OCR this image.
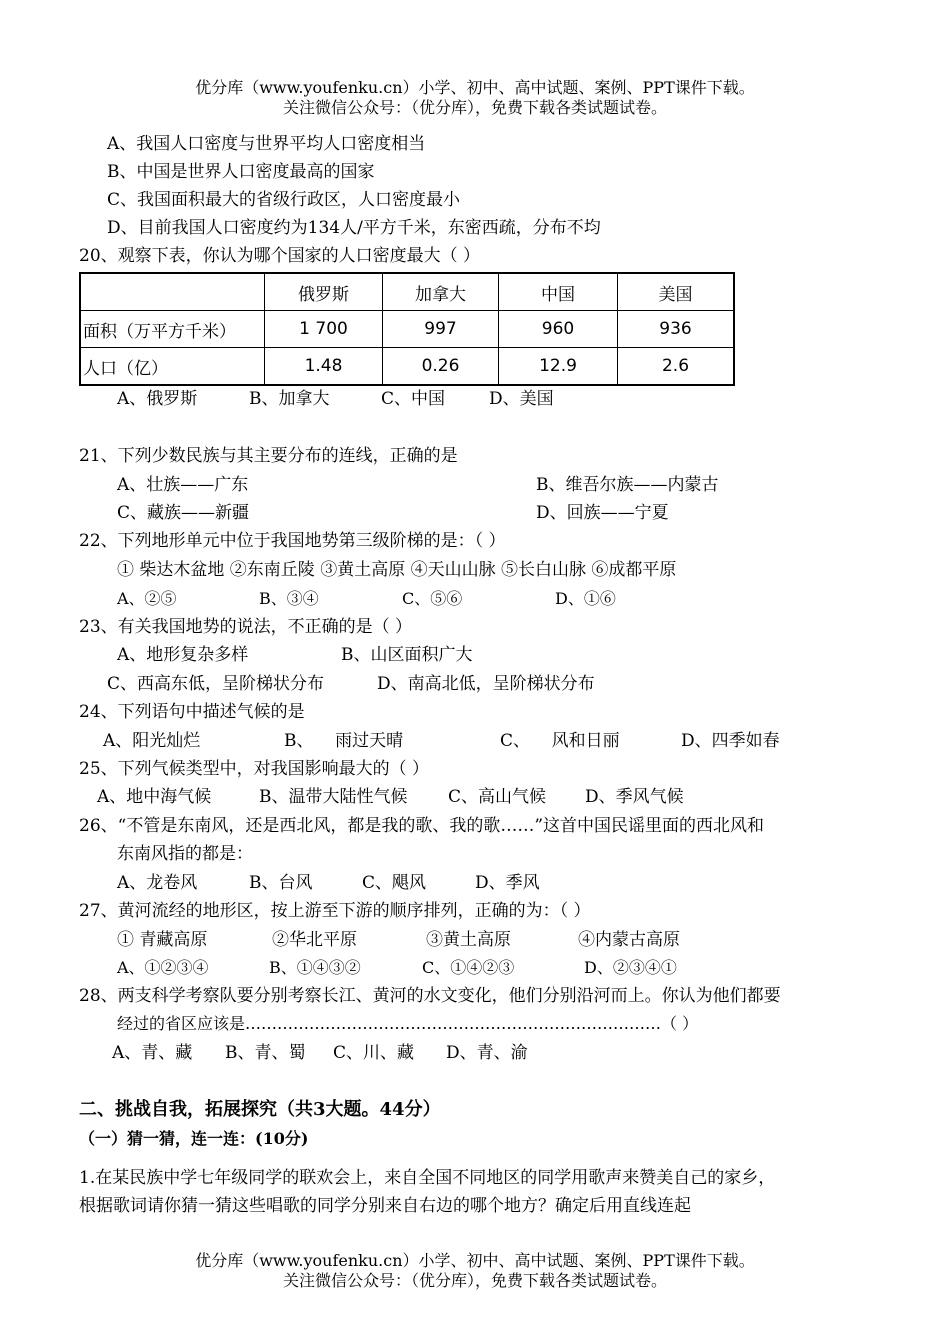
优分库（www.youfenku.cn）小学、初中、高中试题、案例、PPT课件下载。
关注微信公众号：（优分库），免费下载各类试题试卷。
A、我国人口密度与世界平均人口密度相当
B、中国是世界人口密度最高的国家
C、我国面积最大的省级行政区，人口密度最小
D、目前我国人口密度约为134人/平方千米，东密西疏，分布不均
20、观察下表，你认为哪个国家的人口密度最大（ ）
	俄罗斯	加拿大	中国	美国
面积（万平方千米）	1 700	997	960	936
人口（亿）	1.48	0.26	12.9	2.6
A、俄罗斯	B、加拿大	C、中国	D、美国
21、下列少数民族与其主要分布的连线，正确的是
A、壮族——广东	B、维吾尔族——内蒙古
C、藏族——新疆	D、回族——宁夏
22、下列地形单元中位于我国地势第三级阶梯的是：（ ）
① 柴达木盆地 ②东南丘陵 ③黄土高原 ④天山山脉 ⑤长白山脉 ⑥成都平原
A、②⑤	B、③④	C、⑤⑥	D、①⑥
23、有关我国地势的说法，不正确的是（ ）
A、地形复杂多样	B、山区面积广大
C、西高东低，呈阶梯状分布	D、南高北低，呈阶梯状分布
24、下列语句中描述气候的是
A、阳光灿烂	B、    雨过天晴	C、    风和日丽	D、四季如春
25、下列气候类型中，对我国影响最大的（ ）
A、地中海气候	B、温带大陆性气候 C、高山气候 D、季风气候
26、“不管是东南风，还是西北风，都是我的歌、我的歌……”这首中国民谣里面的西北风和
东南风指的都是：
A、龙卷风	B、台风	C、飓风	D、季风
27、黄河流经的地形区，按上游至下游的顺序排列，正确的为：（ ）
① 青藏高原	②华北平原	③黄土高原	④内蒙古高原
A、①②③④	B、①④③②	C、①④②③	D、②③④①
28、两支科学考察队要分别考察长江、黄河的水文变化，他们分别沿河而上。你认为他们都要
经过的省区应该是……………………………………………………………………（ ）
A、青、藏 B、青、蜀 C、川、藏 D、青、渝
二、挑战自我，拓展探究（共3大题。44分）
（一）猜一猜，连一连：(10分)
1.在某民族中学七年级同学的联欢会上，来自全国不同地区的同学用歌声来赞美自己的家乡，
根据歌词请你猜一猜这些唱歌的同学分别来自右边的哪个地方？确定后用直线连起
优分库（www.youfenku.cn）小学、初中、高中试题、案例、PPT课件下载。
关注微信公众号：（优分库），免费下载各类试题试卷。
